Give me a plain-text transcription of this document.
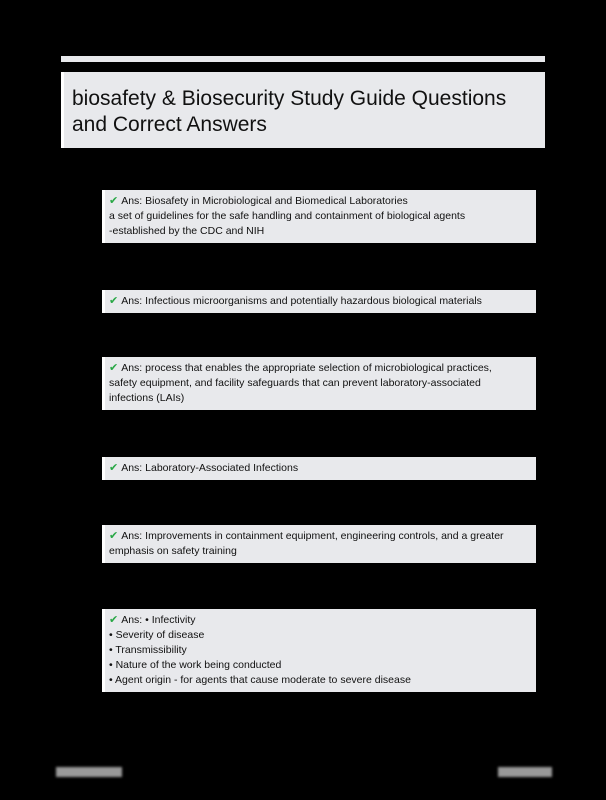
biosafety & Biosecurity Study Guide Questions
and Correct Answers
✔ Ans: Biosafety in Microbiological and Biomedical Laboratories
a set of guidelines for the safe handling and containment of biological agents
-established by the CDC and NIH
✔ Ans: Infectious microorganisms and potentially hazardous biological materials
✔ Ans: process that enables the appropriate selection of microbiological practices,
safety equipment, and facility safeguards that can prevent laboratory-associated
infections (LAIs)
✔ Ans: Laboratory-Associated Infections
✔ Ans: Improvements in containment equipment, engineering controls, and a greater
emphasis on safety training
✔ Ans: • Infectivity
• Severity of disease
• Transmissibility
• Nature of the work being conducted
• Agent origin - for agents that cause moderate to severe disease
